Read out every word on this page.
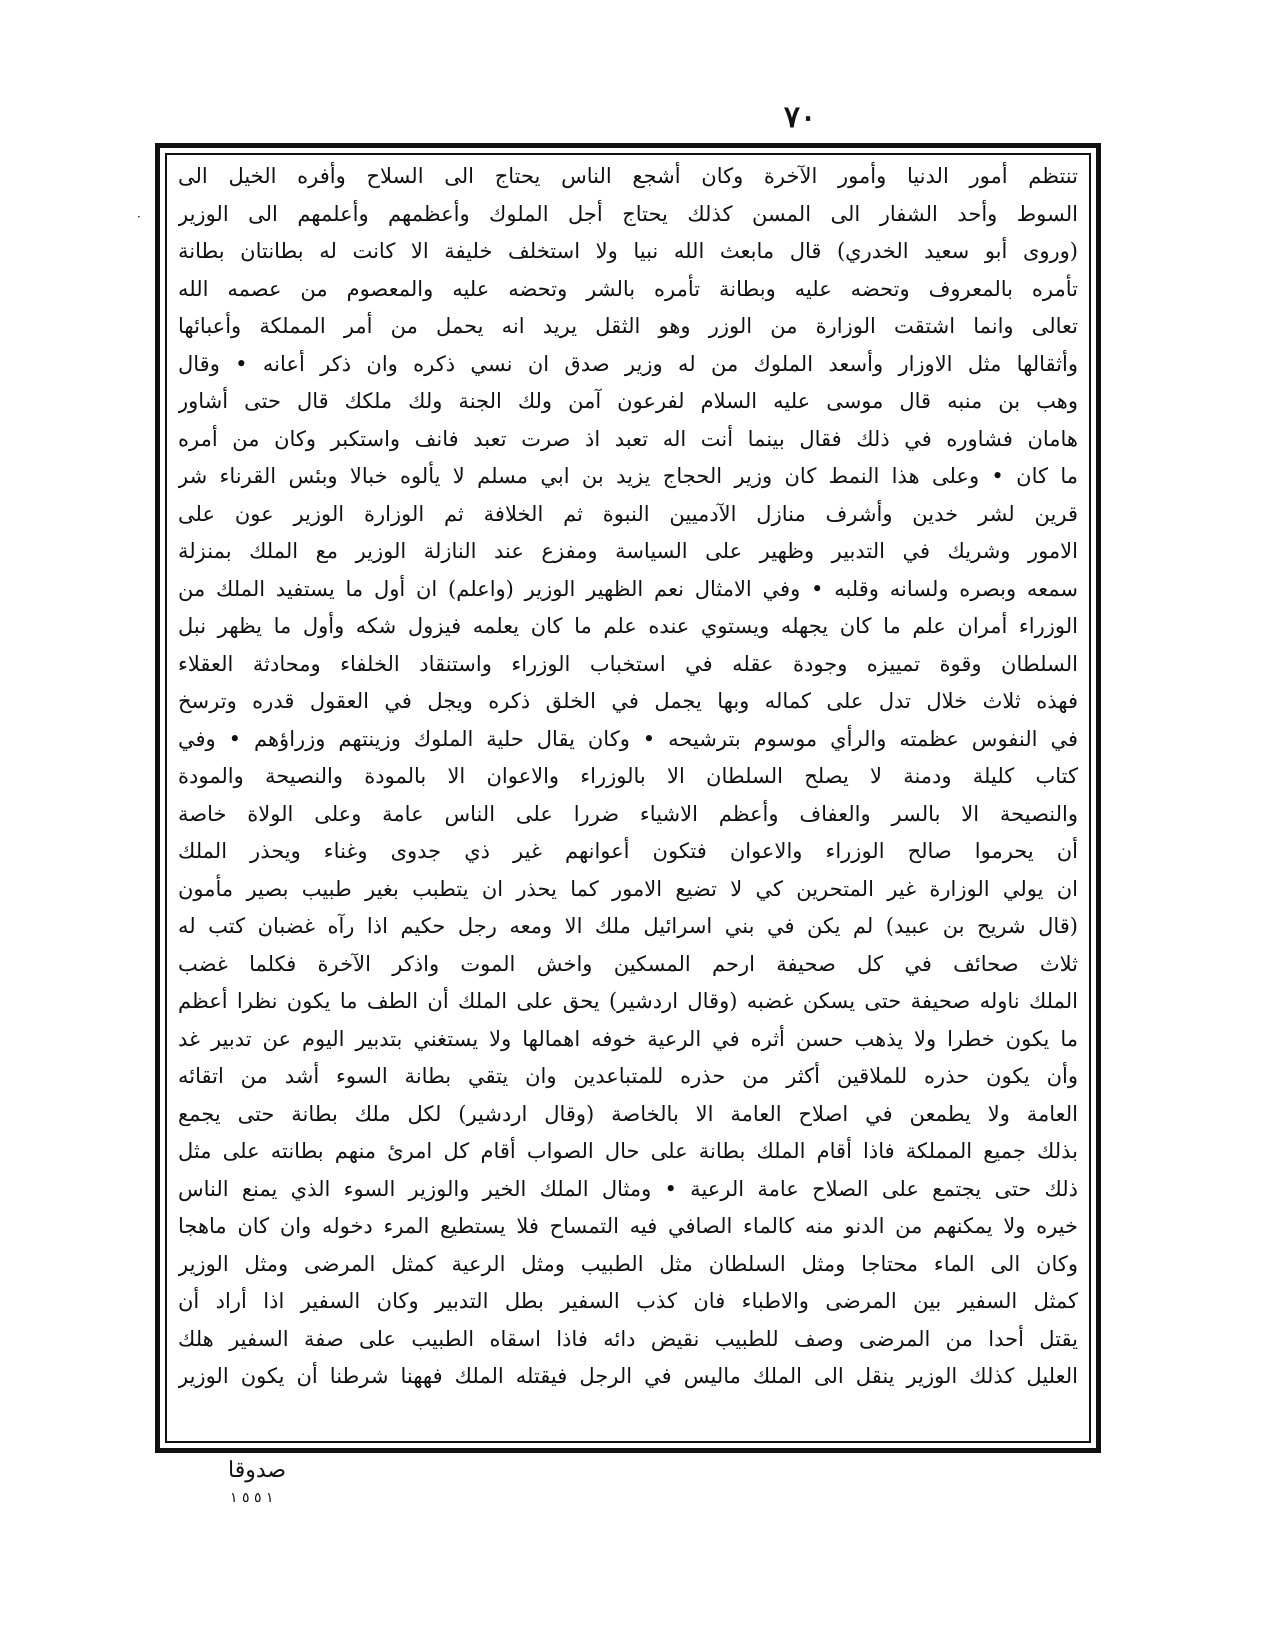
٧٠
·
تنتظم أمور الدنيا وأمور الآخرة وكان أشجع الناس يحتاج الى السلاح وأفره الخيل الى
السوط وأحد الشفار الى المسن كذلك يحتاج أجل الملوك وأعظمهم وأعلمهم الى الوزير
(وروى أبو سعيد الخدري) قال مابعث الله نبيا ولا استخلف خليفة الا كانت له بطانتان بطانة
تأمره بالمعروف وتحضه عليه وبطانة تأمره بالشر وتحضه عليه والمعصوم من عصمه الله
تعالى وانما اشتقت الوزارة من الوزر وهو الثقل يريد انه يحمل من أمر المملكة وأعبائها
وأثقالها مثل الاوزار وأسعد الملوك من له وزير صدق ان نسي ذكره وان ذكر أعانه • وقال
وهب بن منبه قال موسى عليه السلام لفرعون آمن ولك الجنة ولك ملكك قال حتى أشاور
هامان فشاوره في ذلك فقال بينما أنت اله تعبد اذ صرت تعبد فانف واستكبر وكان من أمره
ما كان • وعلى هذا النمط كان وزير الحجاج يزيد بن ابي مسلم لا يألوه خبالا وبئس القرناء شر
قرين لشر خدين وأشرف منازل الآدميين النبوة ثم الخلافة ثم الوزارة الوزير عون على
الامور وشريك في التدبير وظهير على السياسة ومفزع عند النازلة الوزير مع الملك بمنزلة
سمعه وبصره ولسانه وقلبه • وفي الامثال نعم الظهير الوزير (واعلم) ان أول ما يستفيد الملك من
الوزراء أمران علم ما كان يجهله ويستوي عنده علم ما كان يعلمه فيزول شكه وأول ما يظهر نبل
السلطان وقوة تمييزه وجودة عقله في استخباب الوزراء واستنقاد الخلفاء ومحادثة العقلاء
فهذه ثلاث خلال تدل على كماله وبها يجمل في الخلق ذكره ويجل في العقول قدره وترسخ
في النفوس عظمته والرأي موسوم بترشيحه • وكان يقال حلية الملوك وزينتهم وزراؤهم • وفي
كتاب كليلة ودمنة لا يصلح السلطان الا بالوزراء والاعوان الا بالمودة والنصيحة والمودة
والنصيحة الا بالسر والعفاف وأعظم الاشياء ضررا على الناس عامة وعلى الولاة خاصة
أن يحرموا صالح الوزراء والاعوان فتكون أعوانهم غير ذي جدوى وغناء ويحذر الملك
ان يولي الوزارة غير المتحرين كي لا تضيع الامور كما يحذر ان يتطبب بغير طبيب بصير مأمون
(قال شريح بن عبيد) لم يكن في بني اسرائيل ملك الا ومعه رجل حكيم اذا رآه غضبان كتب له
ثلاث صحائف في كل صحيفة ارحم المسكين واخش الموت واذكر الآخرة فكلما غضب
الملك ناوله صحيفة حتى يسكن غضبه (وقال اردشير) يحق على الملك أن الطف ما يكون نظرا أعظم
ما يكون خطرا ولا يذهب حسن أثره في الرعية خوفه اهمالها ولا يستغني بتدبير اليوم عن تدبير غد
وأن يكون حذره للملاقين أكثر من حذره للمتباعدين وان يتقي بطانة السوء أشد من اتقائه
العامة ولا يطمعن في اصلاح العامة الا بالخاصة (وقال اردشير) لكل ملك بطانة حتى يجمع
بذلك جميع المملكة فاذا أقام الملك بطانة على حال الصواب أقام كل امرئ منهم بطانته على مثل
ذلك حتى يجتمع على الصلاح عامة الرعية • ومثال الملك الخير والوزير السوء الذي يمنع الناس
خيره ولا يمكنهم من الدنو منه كالماء الصافي فيه التمساح فلا يستطيع المرء دخوله وان كان ماهجا
وكان الى الماء محتاجا ومثل السلطان مثل الطبيب ومثل الرعية كمثل المرضى ومثل الوزير
كمثل السفير بين المرضى والاطباء فان كذب السفير بطل التدبير وكان السفير اذا أراد أن
يقتل أحدا من المرضى وصف للطبيب نقيض دائه فاذا اسقاه الطبيب على صفة السفير هلك
العليل كذلك الوزير ينقل الى الملك ماليس في الرجل فيقتله الملك فههنا شرطنا أن يكون الوزير
صدوقا
١ ٥ ٥ ١
